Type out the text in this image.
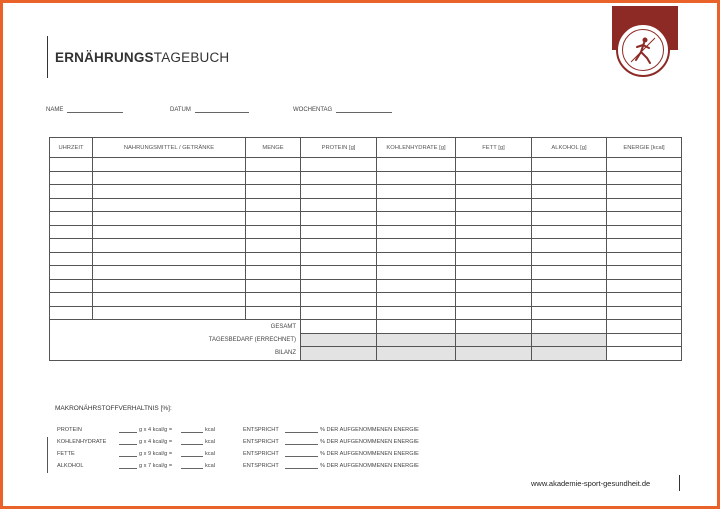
ERNÄHRUNGSTAGEBUCH
NAME	DATUM	WOCHENTAG
UHRZEIT	NAHRUNGSMITTEL / GETRÄNKE	MENGE	PROTEIN [g]	KOHLENHYDRATE [g]	FETT [g]	ALKOHOL [g]	ENERGIE [kcal]

GESAMT							
TAGESBEDARF (ERRECHNET)							
BILANZ							
MAKRONÄHRSTOFFVERHALTNIS [%]:
PROTEIN	g x 4 kcal/g =	kcal	ENTSPRICHT	% DER AUFGENOMMENEN ENERGIE
KOHLENHYDRATE	g x 4 kcal/g =	kcal	ENTSPRICHT	% DER AUFGENOMMENEN ENERGIE
FETTE	g x 9 kcal/g =	kcal	ENTSPRICHT	% DER AUFGENOMMENEN ENERGIE
ALKOHOL	g x 7 kcal/g =	kcal	ENTSPRICHT	% DER AUFGENOMMENEN ENERGIE
www.akademie-sport-gesundheit.de
